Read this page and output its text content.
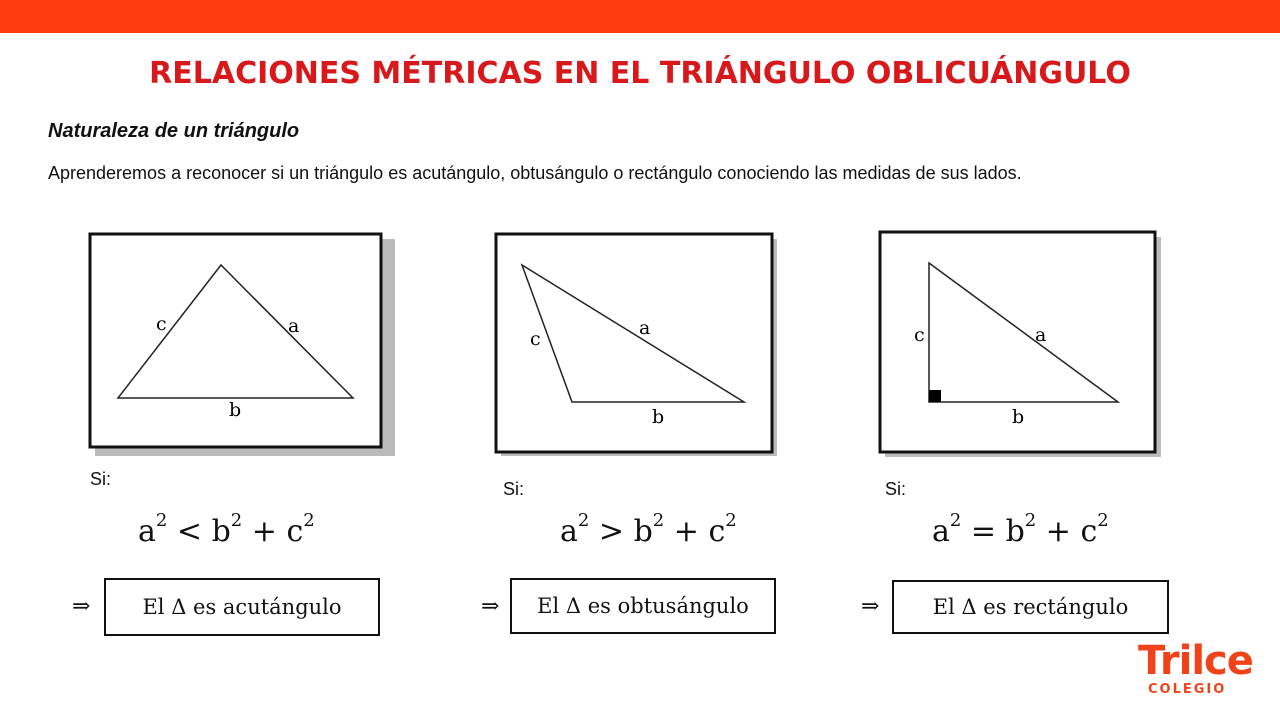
RELACIONES MÉTRICAS EN EL TRIÁNGULO OBLICUÁNGULO

Naturaleza de un triángulo

Aprenderemos a reconocer si un triángulo es acutángulo, obtusángulo o rectángulo conociendo las medidas de sus lados.

c	a
b
c	a
b
c	a
b
Si:	Si:	Si:
$a^2 < b^2 + c^2$	$a^2 > b^2 + c^2$	$a^2 = b^2 + c^2$
⇒	⇒	⇒
El Δ es acutángulo	El Δ es obtusángulo	El Δ es rectángulo
Trilce
COLEGIO
